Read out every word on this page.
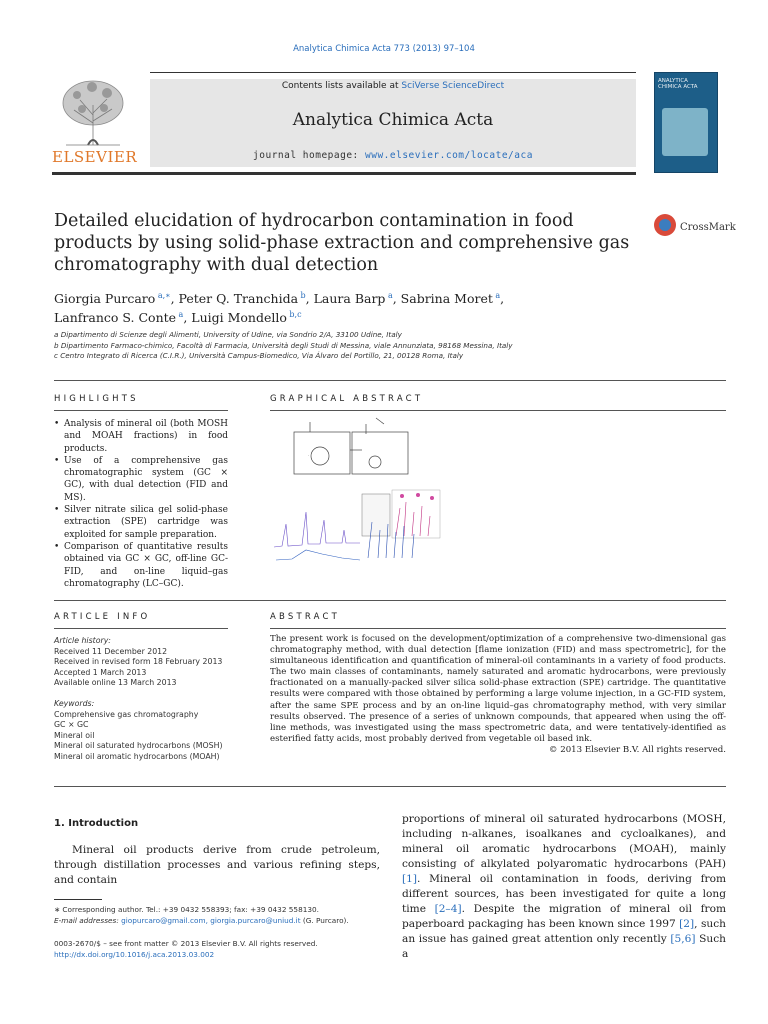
Analytica Chimica Acta 773 (2013) 97–104
Contents lists available at SciVerse ScienceDirect
Analytica Chimica Acta
journal homepage: www.elsevier.com/locate/aca
ELSEVIER
ANALYTICA CHIMICA ACTA
Detailed elucidation of hydrocarbon contamination in food products by using solid-phase extraction and comprehensive gas chromatography with dual detection
CrossMark
Giorgia Purcaro  $^{a,∗}$, Peter Q. Tranchida  $^b$, Laura Barp  $^a$, Sabrina Moret  $^a$,
Lanfranco S. Conte  $^a$, Luigi Mondello  $^{b,c}$
a Dipartimento di Scienze degli Alimenti, University of Udine, via Sondrio 2/A, 33100 Udine, Italy
b Dipartimento Farmaco-chimico, Facoltà di Farmacia, Università degli Studi di Messina, viale Annunziata, 98168 Messina, Italy
c Centro Integrato di Ricerca (C.I.R.), Università Campus-Biomedico, Via Álvaro del Portillo, 21, 00128 Roma, Italy
HIGHLIGHTS
• Analysis of mineral oil (both MOSH and MOAH fractions) in food products.
• Use of a comprehensive gas chromatographic system (GC × GC), with dual detection (FID and MS).
• Silver nitrate silica gel solid-phase extraction (SPE) cartridge was exploited for sample preparation.
• Comparison of quantitative results obtained via GC × GC, off-line GC-FID, and on-line liquid–gas chromatography (LC–GC).
GRAPHICAL ABSTRACT
-
ARTICLE INFO
Article history:
Received 11 December 2012
Received in revised form 18 February 2013
Accepted 1 March 2013
Available online 13 March 2013
Keywords:
Comprehensive gas chromatography
GC × GC
Mineral oil
Mineral oil saturated hydrocarbons (MOSH)
Mineral oil aromatic hydrocarbons (MOAH)
ABSTRACT
The present work is focused on the development/optimization of a comprehensive two-dimensional gas chromatography method, with dual detection [flame ionization (FID) and mass spectrometric], for the simultaneous identification and quantification of mineral-oil contaminants in a variety of food products. The two main classes of contaminants, namely saturated and aromatic hydrocarbons, were previously fractionated on a manually-packed silver silica solid-phase extraction (SPE) cartridge. The quantitative results were compared with those obtained by performing a large volume injection, in a GC-FID system, after the same SPE process and by an on-line liquid–gas chromatography method, with very similar results observed. The presence of a series of unknown compounds, that appeared when using the off-line methods, was investigated using the mass spectrometric data, and were tentatively-identified as esterified fatty acids, most probably derived from vegetable oil based ink.
© 2013 Elsevier B.V. All rights reserved.
1. Introduction
Mineral oil products derive from crude petroleum, through distillation processes and various refining steps, and contain
proportions of mineral oil saturated hydrocarbons (MOSH, including n-alkanes, isoalkanes and cycloalkanes), and mineral oil aromatic hydrocarbons (MOAH), mainly consisting of alkylated polyaromatic hydrocarbons (PAH) [1]. Mineral oil contamination in foods, deriving from different sources, has been investigated for quite a long time [2–4]. Despite the migration of mineral oil from paperboard packaging has been known since 1997 [2], such an issue has gained great attention only recently [5,6] Such a
∗ Corresponding author. Tel.: +39 0432 558393; fax: +39 0432 558130.
E-mail addresses: giopurcaro@gmail.com, giorgia.purcaro@uniud.it (G. Purcaro).
0003-2670/$ – see front matter © 2013 Elsevier B.V. All rights reserved.
http://dx.doi.org/10.1016/j.aca.2013.03.002
